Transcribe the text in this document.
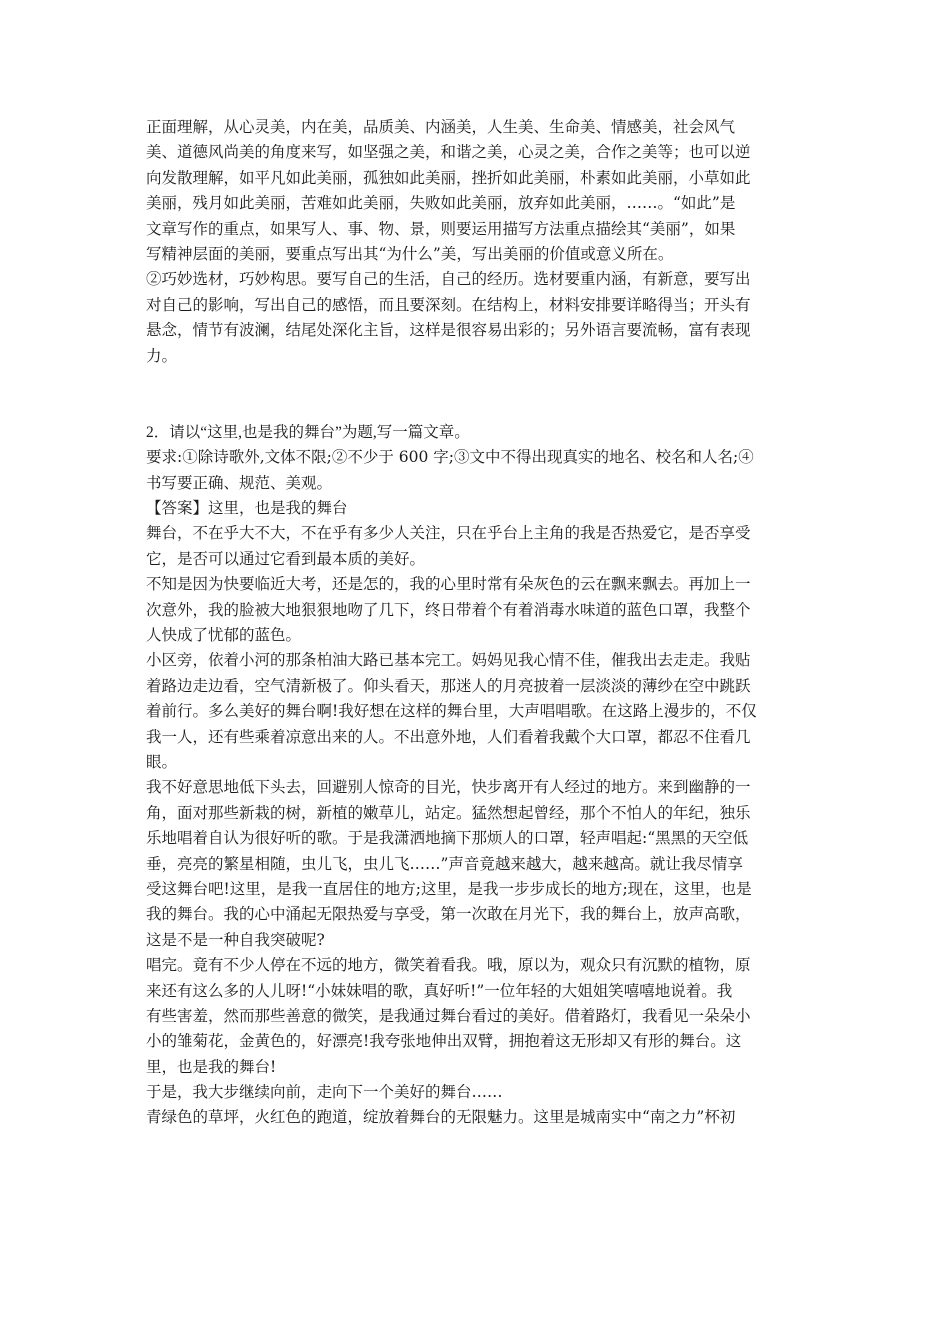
正面理解，从心灵美，内在美，品质美、内涵美，人生美、生命美、情感美，社会风气
美、道德风尚美的角度来写，如坚强之美，和谐之美，心灵之美，合作之美等；也可以逆
向发散理解，如平凡如此美丽，孤独如此美丽，挫折如此美丽，朴素如此美丽，小草如此
美丽，残月如此美丽，苦难如此美丽，失败如此美丽，放弃如此美丽，……。“如此”是
文章写作的重点，如果写人、事、物、景，则要运用描写方法重点描绘其“美丽”，如果
写精神层面的美丽，要重点写出其“为什么”美，写出美丽的价值或意义所在。
②巧妙选材，巧妙构思。要写自己的生活，自己的经历。选材要重内涵，有新意，要写出
对自己的影响，写出自己的感悟，而且要深刻。在结构上，材料安排要详略得当；开头有
悬念，情节有波澜，结尾处深化主旨，这样是很容易出彩的；另外语言要流畅，富有表现
力。
2．请以“这里,也是我的舞台”为题,写一篇文章。
要求:①除诗歌外,文体不限;②不少于 600 字;③文中不得出现真实的地名、校名和人名;④
书写要正确、规范、美观。
【答案】这里，也是我的舞台
舞台，不在乎大不大，不在乎有多少人关注，只在乎台上主角的我是否热爱它，是否享受
它，是否可以通过它看到最本质的美好。
不知是因为快要临近大考，还是怎的，我的心里时常有朵灰色的云在飘来飘去。再加上一
次意外，我的脸被大地狠狠地吻了几下，终日带着个有着消毒水味道的蓝色口罩，我整个
人快成了忧郁的蓝色。
小区旁，依着小河的那条柏油大路已基本完工。妈妈见我心情不佳，催我出去走走。我贴
着路边走边看，空气清新极了。仰头看天，那迷人的月亮披着一层淡淡的薄纱在空中跳跃
着前行。多么美好的舞台啊!我好想在这样的舞台里，大声唱唱歌。在这路上漫步的，不仅
我一人，还有些乘着凉意出来的人。不出意外地，人们看着我戴个大口罩，都忍不住看几
眼。
我不好意思地低下头去，回避别人惊奇的目光，快步离开有人经过的地方。来到幽静的一
角，面对那些新栽的树，新植的嫩草儿，站定。猛然想起曾经，那个不怕人的年纪，独乐
乐地唱着自认为很好听的歌。于是我潇洒地摘下那烦人的口罩，轻声唱起:“黑黑的天空低
垂，亮亮的繁星相随，虫儿飞，虫儿飞……”声音竟越来越大，越来越高。就让我尽情享
受这舞台吧!这里，是我一直居住的地方;这里，是我一步步成长的地方;现在，这里，也是
我的舞台。我的心中涌起无限热爱与享受，第一次敢在月光下，我的舞台上，放声高歌，
这是不是一种自我突破呢?
唱完。竟有不少人停在不远的地方，微笑着看我。哦，原以为，观众只有沉默的植物，原
来还有这么多的人儿呀!“小妹妹唱的歌，真好听!”一位年轻的大姐姐笑嘻嘻地说着。我
有些害羞，然而那些善意的微笑，是我通过舞台看过的美好。借着路灯，我看见一朵朵小
小的雏菊花，金黄色的，好漂亮!我夸张地伸出双臂，拥抱着这无形却又有形的舞台。这
里，也是我的舞台!
于是，我大步继续向前，走向下一个美好的舞台……
青绿色的草坪，火红色的跑道，绽放着舞台的无限魅力。这里是城南实中“南之力”杯初
